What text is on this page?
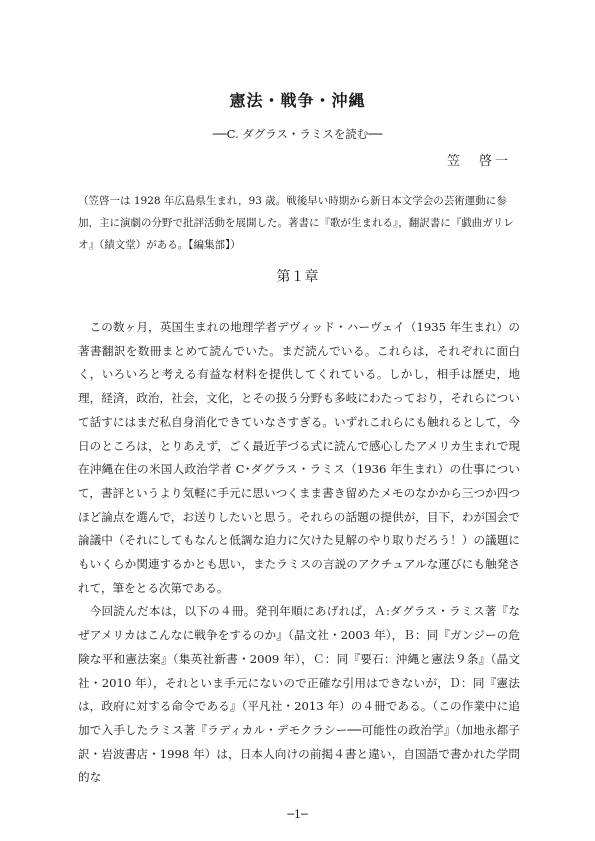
憲法・戦争・沖縄
──C. ダグラス・ラミスを読む──
笠　啓一
（笠啓一は 1928 年広島県生まれ，93 歳。戦後早い時期から新日本文学会の芸術運動に参加，主に演劇の分野で批評活動を展開した。著書に『歌が生まれる』，翻訳書に『戯曲ガリレオ』（績文堂）がある。【編集部】）
第１章

この数ヶ月，英国生まれの地理学者デヴィッド・ハーヴェイ（1935 年生まれ）の著書翻訳を数冊まとめて読んでいた。まだ読んでいる。これらは，それぞれに面白く，いろいろと考える有益な材料を提供してくれている。しかし，相手は歴史，地理，経済，政治，社会，文化，とその扱う分野も多岐にわたっており，それらについて話すにはまだ私自身消化できていなさすぎる。いずれこれらにも触れるとして，今日のところは，とりあえず，ごく最近芋づる式に読んで感心したアメリカ生まれで現在沖縄在住の米国人政治学者 C･ダグラス・ラミス（1936 年生まれ）の仕事について，書評というより気軽に手元に思いつくまま書き留めたメモのなかから三つか四つほど論点を選んで，お送りしたいと思う。それらの話題の提供が，目下，わが国会で論議中（それにしてもなんと低調な迫力に欠けた見解のやり取りだろう！）の議題にもいくらか関連するかとも思い，またラミスの言説のアクチュアルな運びにも触発されて，筆をとる次第である。

今回読んだ本は，以下の４冊。発刊年順にあげれば，Ａ:ダグラス・ラミス著『なぜアメリカはこんなに戦争をするのか』（晶文社・2003 年），Ｂ：同『ガンジーの危険な平和憲法案』（集英社新書・2009 年），Ｃ：同『要石：沖縄と憲法９条』（晶文社・2010 年），それといま手元にないので正確な引用はできないが，Ｄ：同『憲法は，政府に対する命令である』（平凡社・2013 年）の４冊である。（この作業中に追加で入手したラミス著『ラディカル・デモクラシー──可能性の政治学』（加地永都子訳・岩波書店・1998 年）は，日本人向けの前掲４書と違い，自国語で書かれた学問的な

─1─
